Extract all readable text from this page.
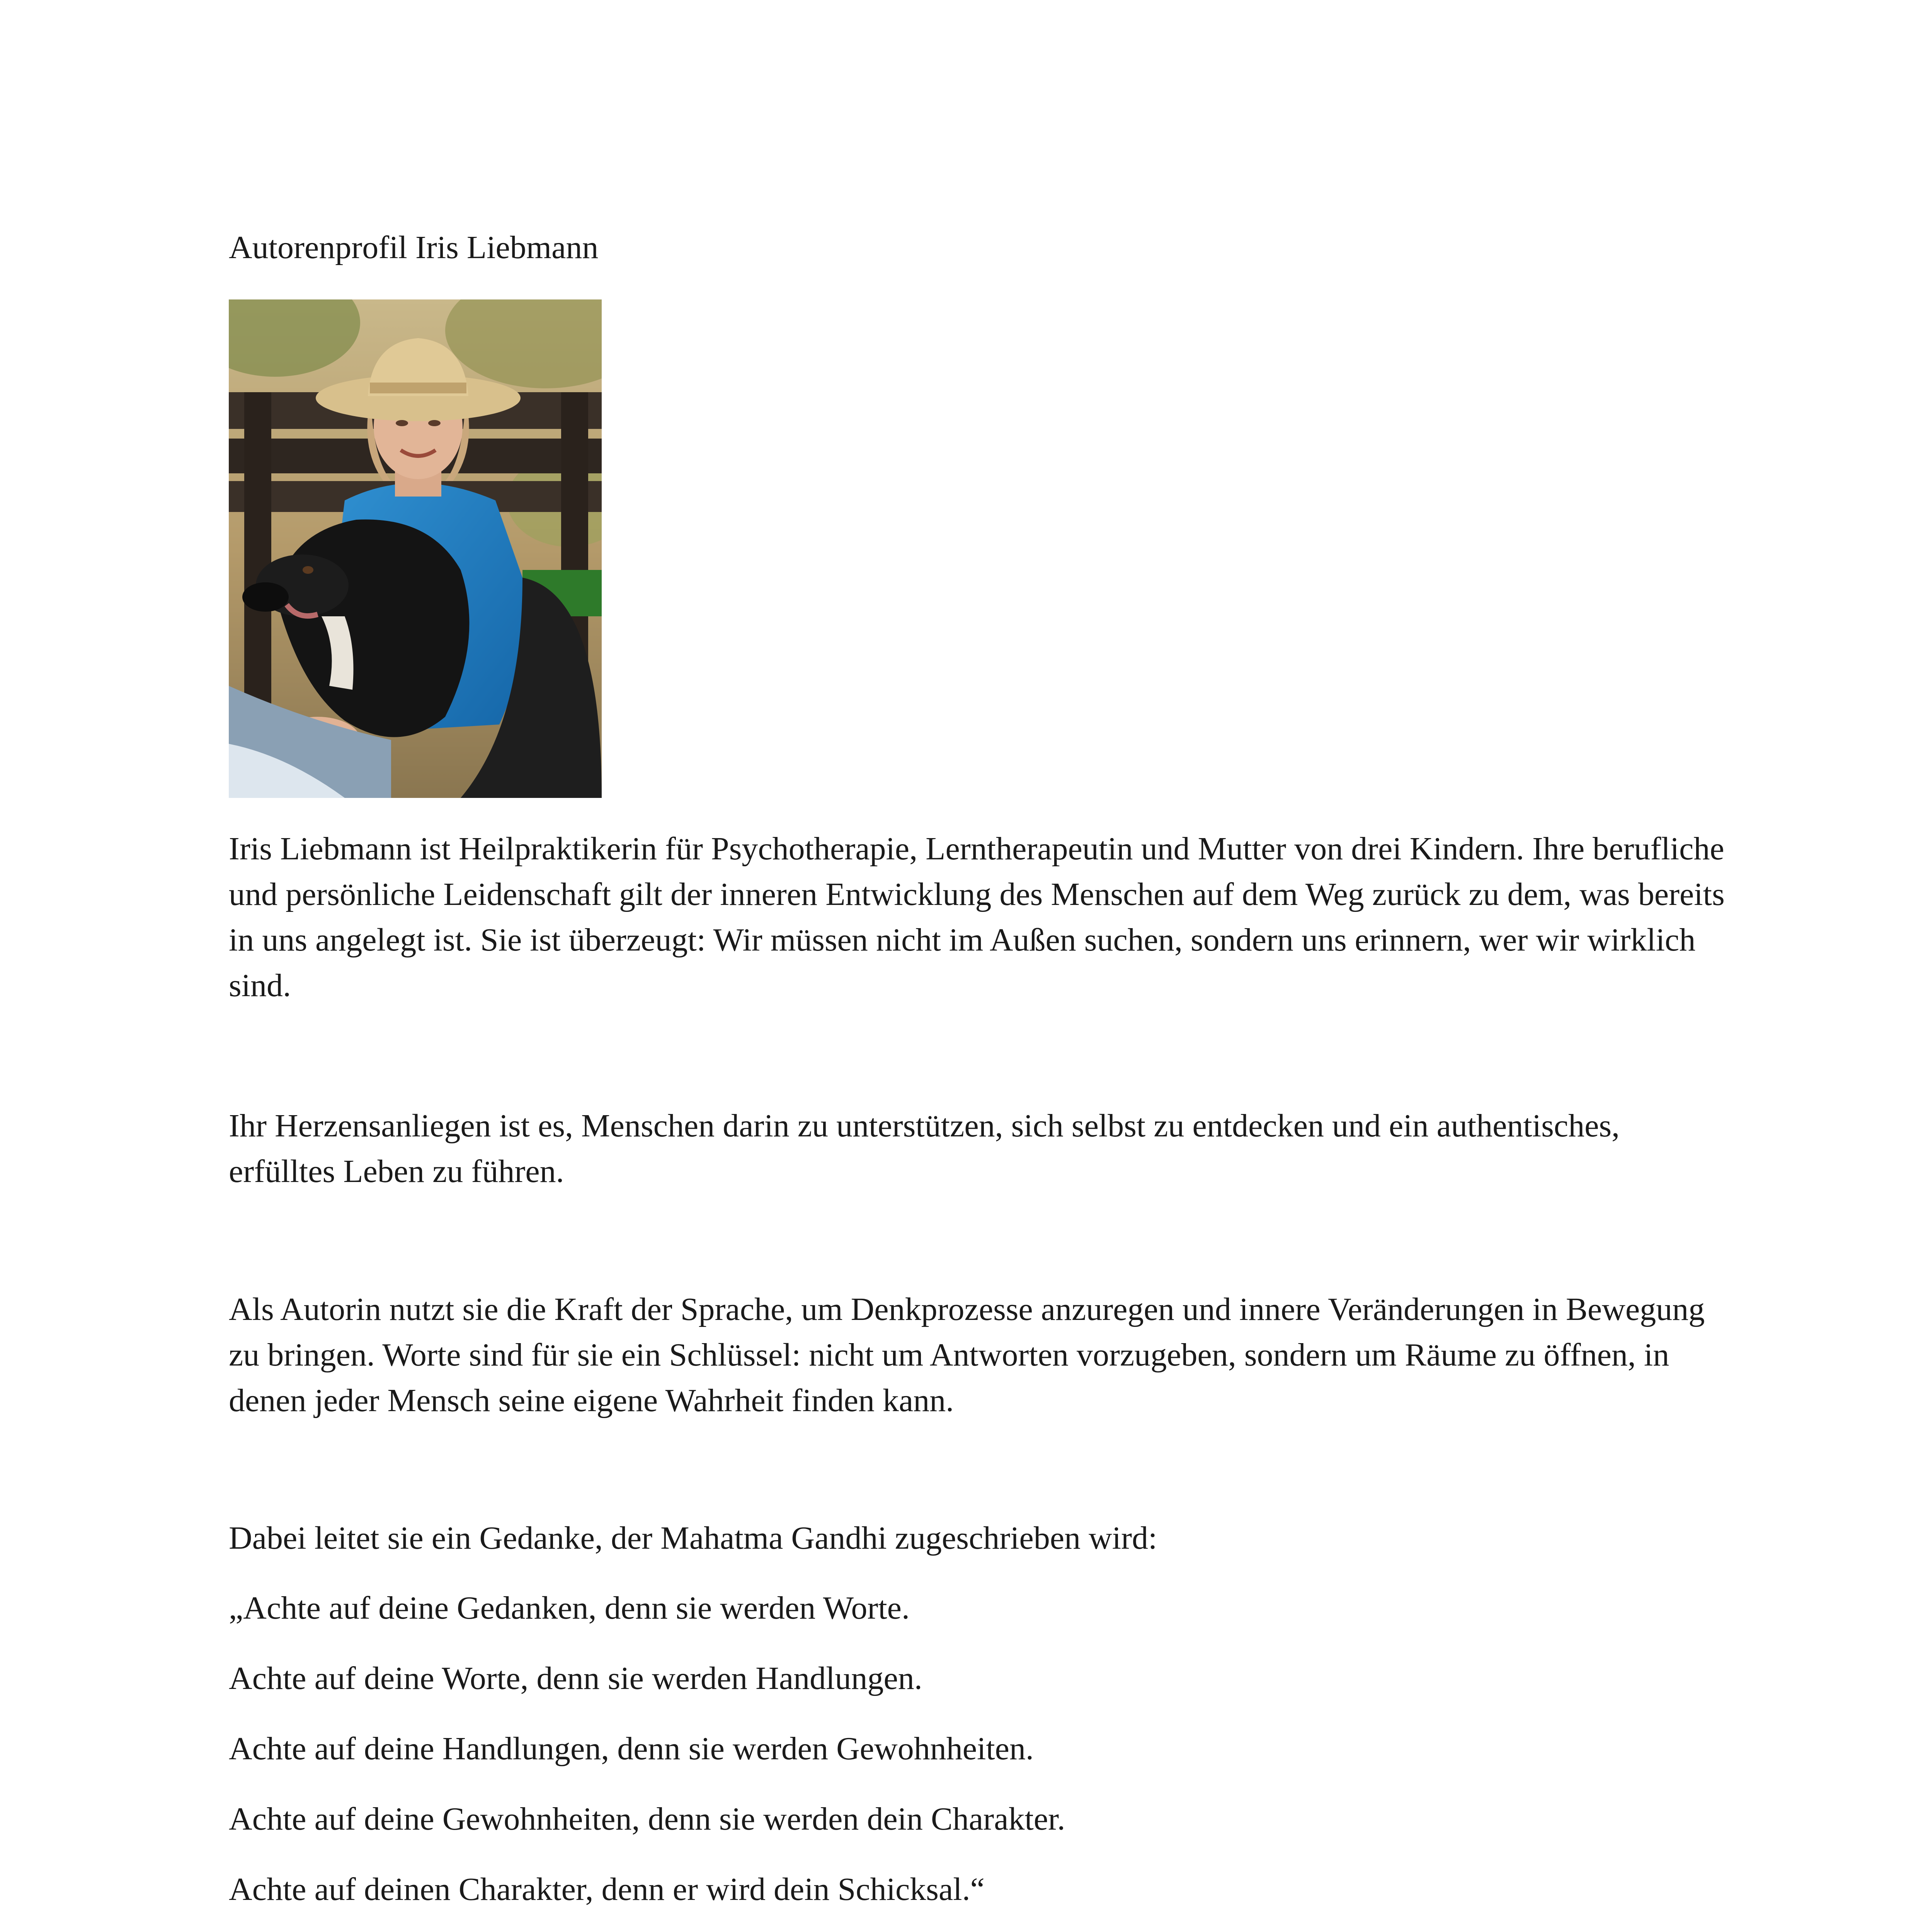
Autorenprofil Iris Liebmann

Iris Liebmann ist Heilpraktikerin für Psychotherapie, Lerntherapeutin und Mutter von drei Kindern. Ihre berufliche und persönliche Leidenschaft gilt der inneren Entwicklung des Menschen auf dem Weg zurück zu dem, was bereits in uns angelegt ist. Sie ist überzeugt: Wir müssen nicht im Außen suchen, sondern uns erinnern, wer wir wirklich sind.

Ihr Herzensanliegen ist es, Menschen darin zu unterstützen, sich selbst zu entdecken und ein authentisches, erfülltes Leben zu führen.

Als Autorin nutzt sie die Kraft der Sprache, um Denkprozesse anzuregen und innere Veränderungen in Bewegung zu bringen. Worte sind für sie ein Schlüssel: nicht um Antworten vorzugeben, sondern um Räume zu öffnen, in denen jeder Mensch seine eigene Wahrheit finden kann.

Dabei leitet sie ein Gedanke, der Mahatma Gandhi zugeschrieben wird:

„Achte auf deine Gedanken, denn sie werden Worte.

Achte auf deine Worte, denn sie werden Handlungen.

Achte auf deine Handlungen, denn sie werden Gewohnheiten.

Achte auf deine Gewohnheiten, denn sie werden dein Charakter.

Achte auf deinen Charakter, denn er wird dein Schicksal.“
